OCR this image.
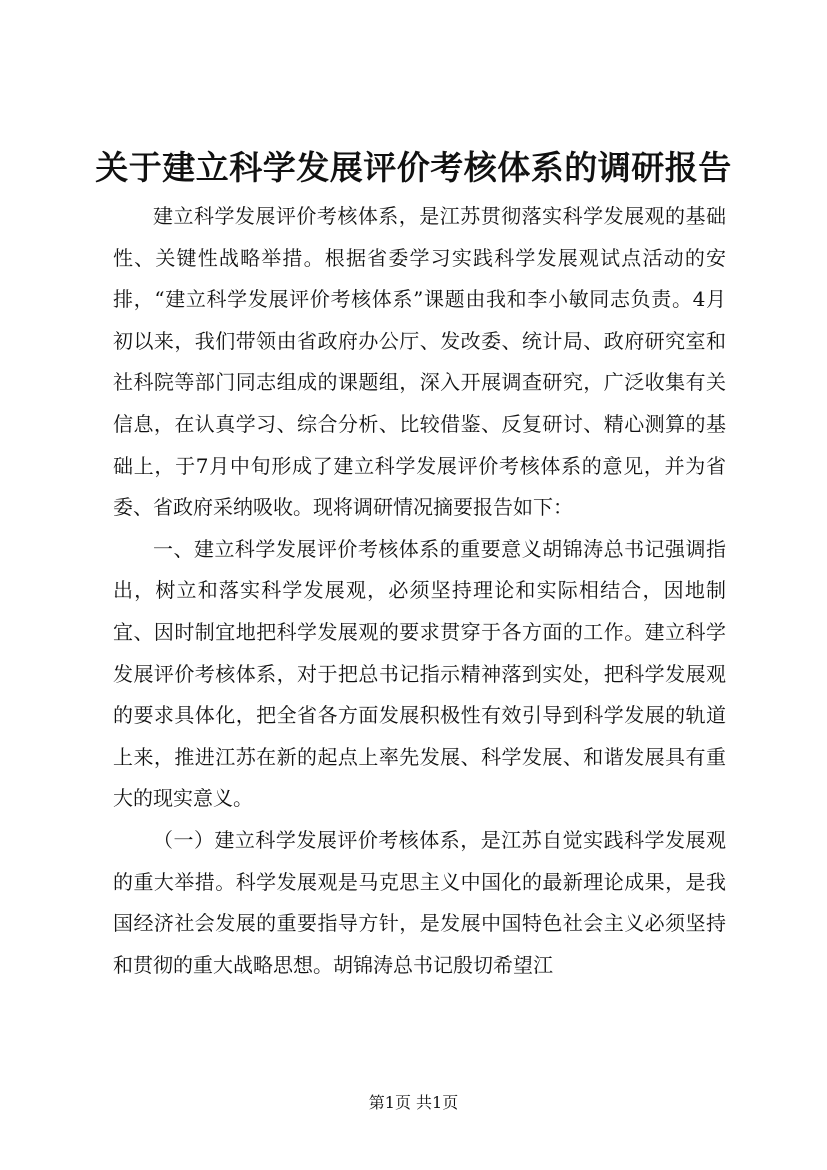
关于建立科学发展评价考核体系的调研报告

建立科学发展评价考核体系，是江苏贯彻落实科学发展观的基础性、关键性战略举措。根据省委学习实践科学发展观试点活动的安排，“建立科学发展评价考核体系”课题由我和李小敏同志负责。4月初以来，我们带领由省政府办公厅、发改委、统计局、政府研究室和社科院等部门同志组成的课题组，深入开展调查研究，广泛收集有关信息，在认真学习、综合分析、比较借鉴、反复研讨、精心测算的基础上，于7月中旬形成了建立科学发展评价考核体系的意见，并为省委、省政府采纳吸收。现将调研情况摘要报告如下：

一、建立科学发展评价考核体系的重要意义胡锦涛总书记强调指出，树立和落实科学发展观，必须坚持理论和实际相结合，因地制宜、因时制宜地把科学发展观的要求贯穿于各方面的工作。建立科学发展评价考核体系，对于把总书记指示精神落到实处，把科学发展观的要求具体化，把全省各方面发展积极性有效引导到科学发展的轨道上来，推进江苏在新的起点上率先发展、科学发展、和谐发展具有重大的现实意义。

（一）建立科学发展评价考核体系，是江苏自觉实践科学发展观的重大举措。科学发展观是马克思主义中国化的最新理论成果，是我国经济社会发展的重要指导方针，是发展中国特色社会主义必须坚持和贯彻的重大战略思想。胡锦涛总书记殷切希望江

第1页 共1页
